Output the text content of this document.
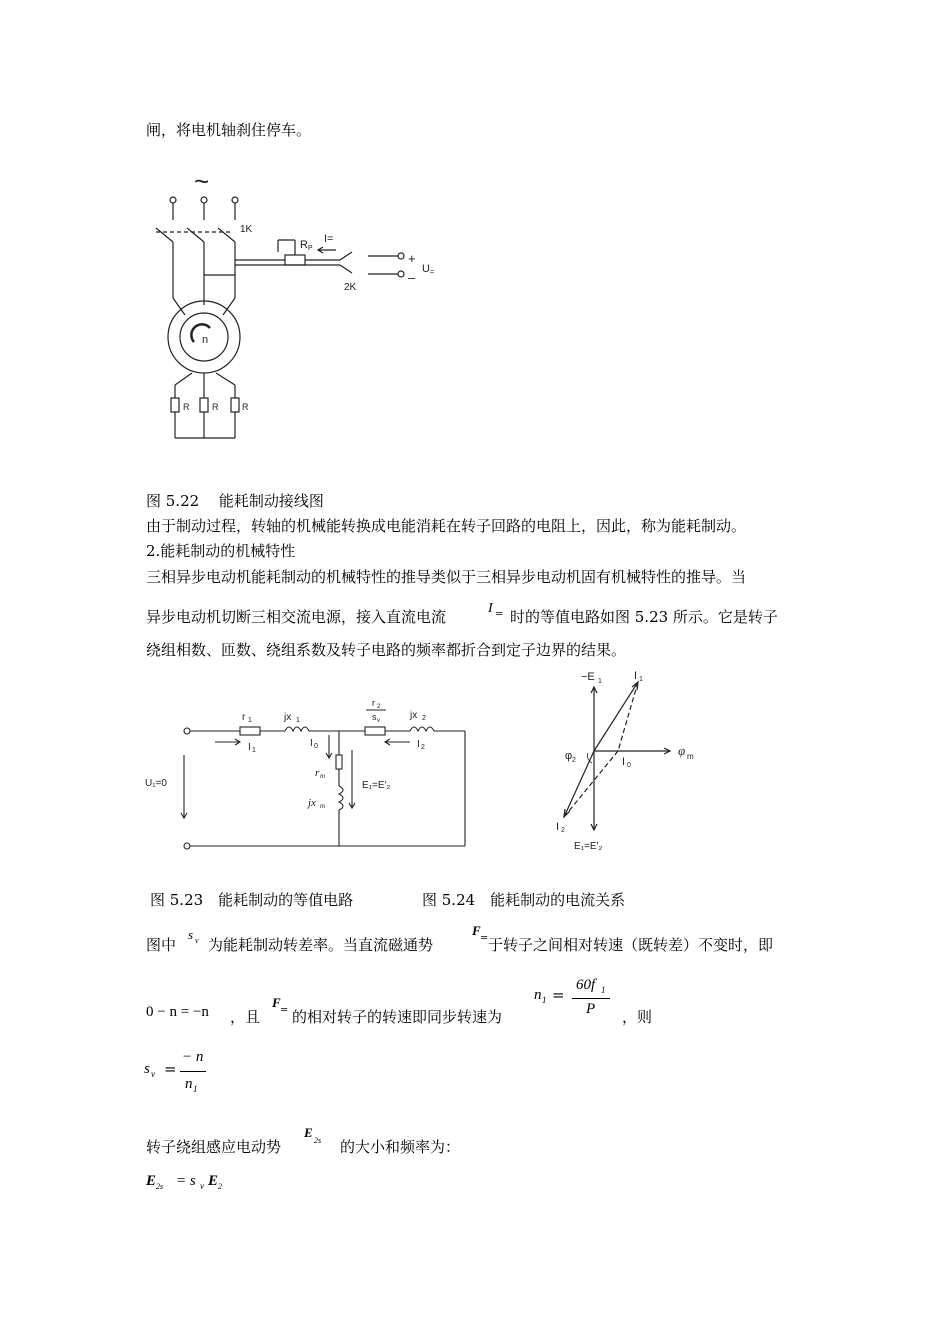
闸，将电机轴刹住停车。
~
1K
R P
I=
+
–
U =
2K
n
R	R	R
图 5.22　 能耗制动接线图
由于制动过程，转轴的机械能转换成电能消耗在转子回路的电阻上，因此，称为能耗制动。
2.能耗制动的机械特性
三相异步电动机能耗制动的机械特性的推导类似于三相异步电动机固有机械特性的推导。当
异步电动机切断三相交流电源，接入直流电流	I = 时的等值电路如图 5.23 所示。它是转子
绕组相数、匝数、绕组系数及转子电路的频率都折合到定子边界的结果。
r 1	jx 1
r 2
s v	jx 2
r m
jx m
I 1
I 0	I 2
E₁=E′₂
U₁=0
−E 1	I 1
I 2
φ m
I 0
φ 2
E₁=E′₂
图 5.23　能耗制动的等值电路	图 5.24　能耗制动的电流关系
图中
s v 为能耗制动转差率。当直流磁通势
F
= 于转子之间相对转速（既转差）不变时，即
0 − n = −n ，且
F
= 的相对转子的转速即同步转速为
n 1 =
60f 1
P ，则
s v =
− n
n 1
转子绕组感应电动势
E
2s 的大小和频率为：
E 2s = s v E 2
